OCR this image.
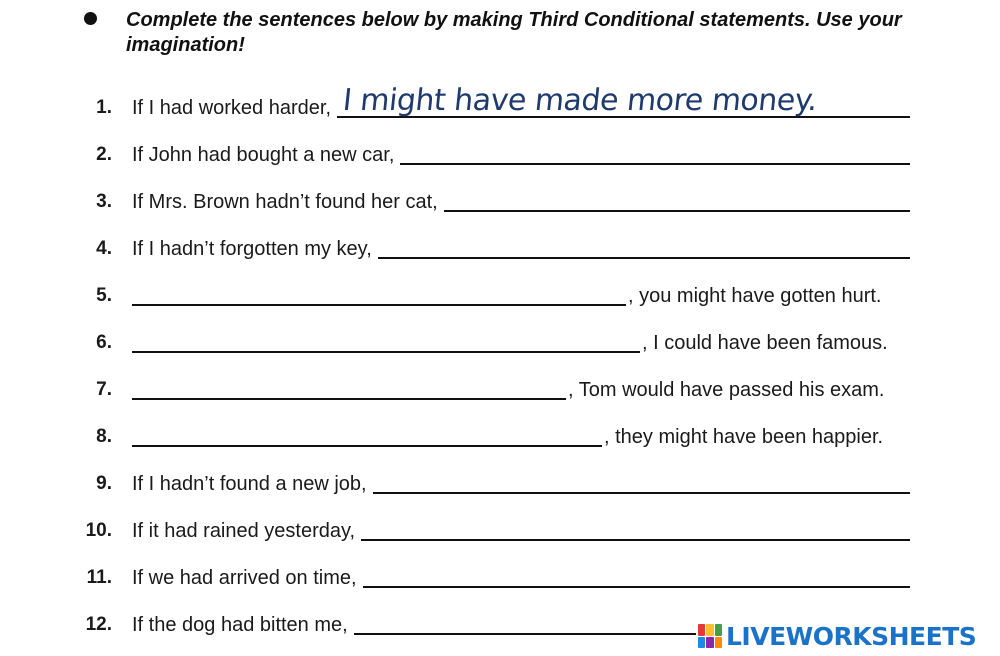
Complete the sentences below by making Third Conditional statements. Use your imagination!
1. If I had worked harder, I might have made more money.
2. If John had bought a new car,
3. If Mrs. Brown hadn’t found her cat,
4. If I hadn’t forgotten my key,
5.	, you might have gotten hurt.
6.	, I could have been famous.
7.	, Tom would have passed his exam.
8.	, they might have been happier.
9. If I hadn’t found a new job,
10. If it had rained yesterday,
11. If we had arrived on time,
12. If the dog had bitten me,	LIVEWORKSHEETS
